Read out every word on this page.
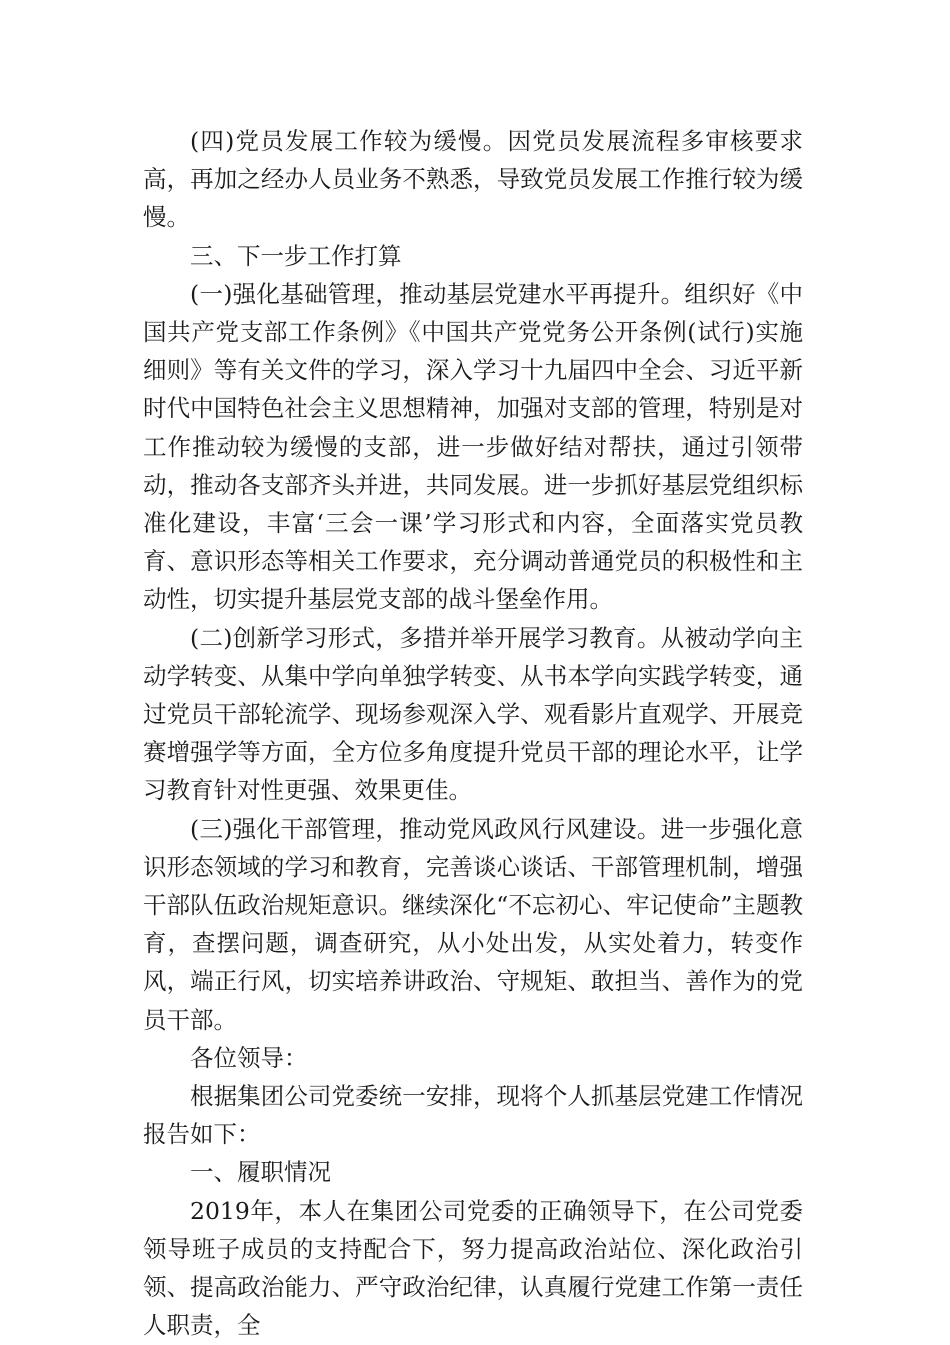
(四)党员发展工作较为缓慢。因党员发展流程多审核要求高，再加之经办人员业务不熟悉，导致党员发展工作推行较为缓慢。

三、下一步工作打算

(一)强化基础管理，推动基层党建水平再提升。组织好《中国共产党支部工作条例》《中国共产党党务公开条例(试行)实施细则》等有关文件的学习，深入学习十九届四中全会、习近平新时代中国特色社会主义思想精神，加强对支部的管理，特别是对工作推动较为缓慢的支部，进一步做好结对帮扶，通过引领带动，推动各支部齐头并进，共同发展。进一步抓好基层党组织标准化建设，丰富‘三会一课’学习形式和内容，全面落实党员教育、意识形态等相关工作要求，充分调动普通党员的积极性和主动性，切实提升基层党支部的战斗堡垒作用。

(二)创新学习形式，多措并举开展学习教育。从被动学向主动学转变、从集中学向单独学转变、从书本学向实践学转变，通过党员干部轮流学、现场参观深入学、观看影片直观学、开展竞赛增强学等方面，全方位多角度提升党员干部的理论水平，让学习教育针对性更强、效果更佳。

(三)强化干部管理，推动党风政风行风建设。进一步强化意识形态领域的学习和教育，完善谈心谈话、干部管理机制，增强干部队伍政治规矩意识。继续深化“不忘初心、牢记使命”主题教育，查摆问题，调查研究，从小处出发，从实处着力，转变作风，端正行风，切实培养讲政治、守规矩、敢担当、善作为的党员干部。

各位领导：

根据集团公司党委统一安排，现将个人抓基层党建工作情况报告如下：

一、履职情况

2019年，本人在集团公司党委的正确领导下，在公司党委领导班子成员的支持配合下，努力提高政治站位、深化政治引领、提高政治能力、严守政治纪律，认真履行党建工作第一责任人职责，全
